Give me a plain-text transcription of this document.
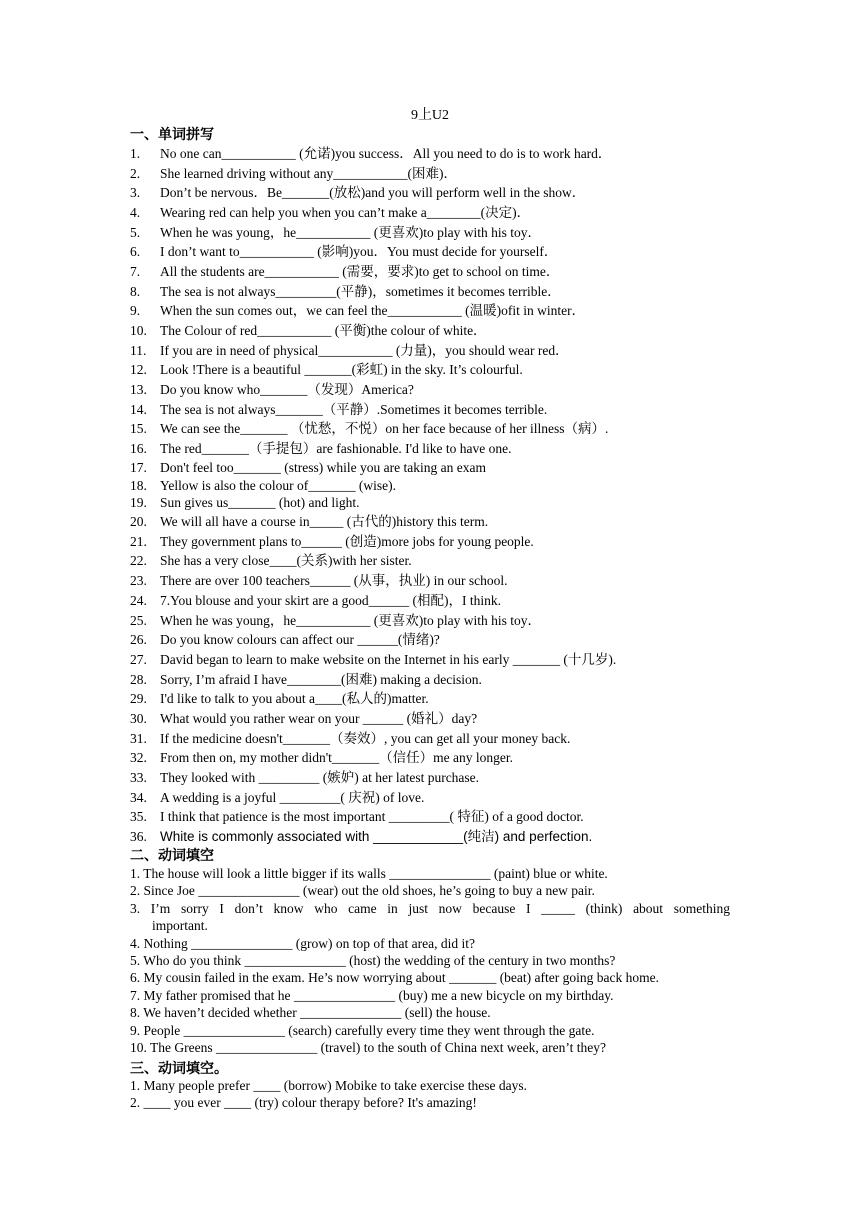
9上U2
一、单词拼写
1. No one can___________ (允诺)you success．All you need to do is to work hard．
2. She learned driving without any___________(困难)．
3. Don’t be nervous．Be_______(放松)and you will perform well in the show．
4. Wearing red can help you when you can’t make a________(决定)．
5. When he was young，he___________ (更喜欢)to play with his toy．
6. I don’t want to___________ (影响)you．You must decide for yourself．
7. All the students are___________ (需要，要求)to get to school on time．
8. The sea is not always_________(平静)，sometimes it becomes terrible．
9. When the sun comes out，we can feel the___________ (温暖)ofit in winter．
10. The Colour of red___________ (平衡)the colour of white．
11. If you are in need of physical___________ (力量)，you should wear red．
12. Look !There is a beautiful _______(彩虹) in the sky. It’s colourful.
13. Do you know who_______（发现）America?
14. The sea is not always_______（平静）.Sometimes it becomes terrible.
15. We can see the_______ （忧愁，不悦）on her face because of her illness（病）.
16. The red_______（手提包）are fashionable. I'd like to have one.
17. Don't feel too_______ (stress) while you are taking an exam
18. Yellow is also the colour of_______ (wise).
19. Sun gives us_______ (hot) and light.
20. We will all have a course in_____ (古代的)history this term.
21. They government plans to______ (创造)more jobs for young people.
22. She has a very close____(关系)with her sister.
23. There are over 100 teachers______ (从事，执业) in our school.
24. 7.You blouse and your skirt are a good______ (相配)，I think.
25. When he was young，he___________ (更喜欢)to play with his toy．
26. Do you know colours can affect our ______(情绪)?
27. David began to learn to make website on the Internet in his early _______ (十几岁).
28. Sorry, I’m afraid I have________(困难) making a decision.
29. I'd like to talk to you about a____(私人的)matter.
30. What would you rather wear on your ______ (婚礼）day?
31. If the medicine doesn't_______（奏效）, you can get all your money back.
32. From then on, my mother didn't_______（信任）me any longer.
33. They looked with _________ (嫉妒) at her latest purchase.
34. A wedding is a joyful _________( 庆祝) of love.
35. I think that patience is the most important _________( 特征) of a good doctor.
36. White is commonly associated with ____________(纯洁) and perfection.
二、动词填空
1. The house will look a little bigger if its walls _______________ (paint) blue or white.
2. Since Joe _______________ (wear) out the old shoes, he’s going to buy a new pair.
3. I’m sorry I don’t know who came in just now because I _____ (think) about something
important.
4. Nothing _______________ (grow) on top of that area, did it?
5. Who do you think _______________ (host) the wedding of the century in two months?
6. My cousin failed in the exam. He’s now worrying about _______ (beat) after going back home.
7. My father promised that he _______________ (buy) me a new bicycle on my birthday.
8. We haven’t decided whether _______________ (sell) the house.
9. People _______________ (search) carefully every time they went through the gate.
10. The Greens _______________ (travel) to the south of China next week, aren’t they?
三、动词填空。
1. Many people prefer ____ (borrow) Mobike to take exercise these days.
2. ____ you ever ____ (try) colour therapy before? It's amazing!
